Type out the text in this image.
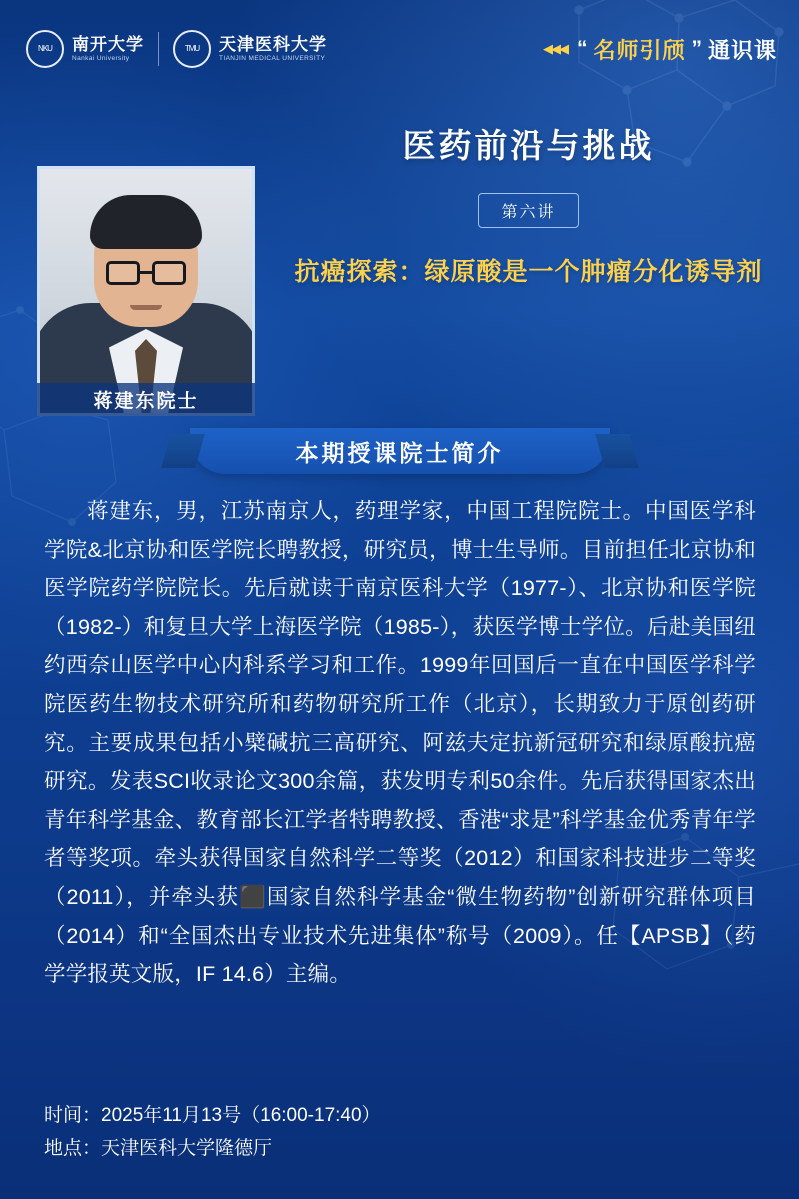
NKU 南开大学
Nankai University
TMU 天津医科大学
TIANJIN MEDICAL UNIVERSITY
◀◀◀ “ 名师引颀 ” 通识课
医药前沿与挑战
第六讲
抗癌探索：绿原酸是一个肿瘤分化诱导剂
蒋建东院士
本期授课院士简介
蒋建东，男，江苏南京人，药理学家，中国工程院院士。中国医学科学院&北京协和医学院长聘教授，研究员，博士生导师。目前担任北京协和医学院药学院院长。先后就读于南京医科大学（1977-）、北京协和医学院（1982-）和复旦大学上海医学院（1985-），获医学博士学位。后赴美国纽约西奈山医学中心内科系学习和工作。1999年回国后一直在中国医学科学院医药生物技术研究所和药物研究所工作（北京），长期致力于原创药研究。主要成果包括小檗碱抗三高研究、阿兹夫定抗新冠研究和绿原酸抗癌研究。发表SCI收录论文300余篇，获发明专利50余件。先后获得国家杰出青年科学基金、教育部长江学者特聘教授、香港“求是”科学基金优秀青年学者等奖项。牵头获得国家自然科学二等奖（2012）和国家科技进步二等奖（2011），并牵头获⬛国家自然科学基金“微生物药物”创新研究群体项目（2014）和“全国杰出专业技术先进集体”称号（2009）。任【APSB】（药学学报英文版，IF 14.6）主编。
时间：2025年11月13号（16:00-17:40）
地点：天津医科大学隆德厅
